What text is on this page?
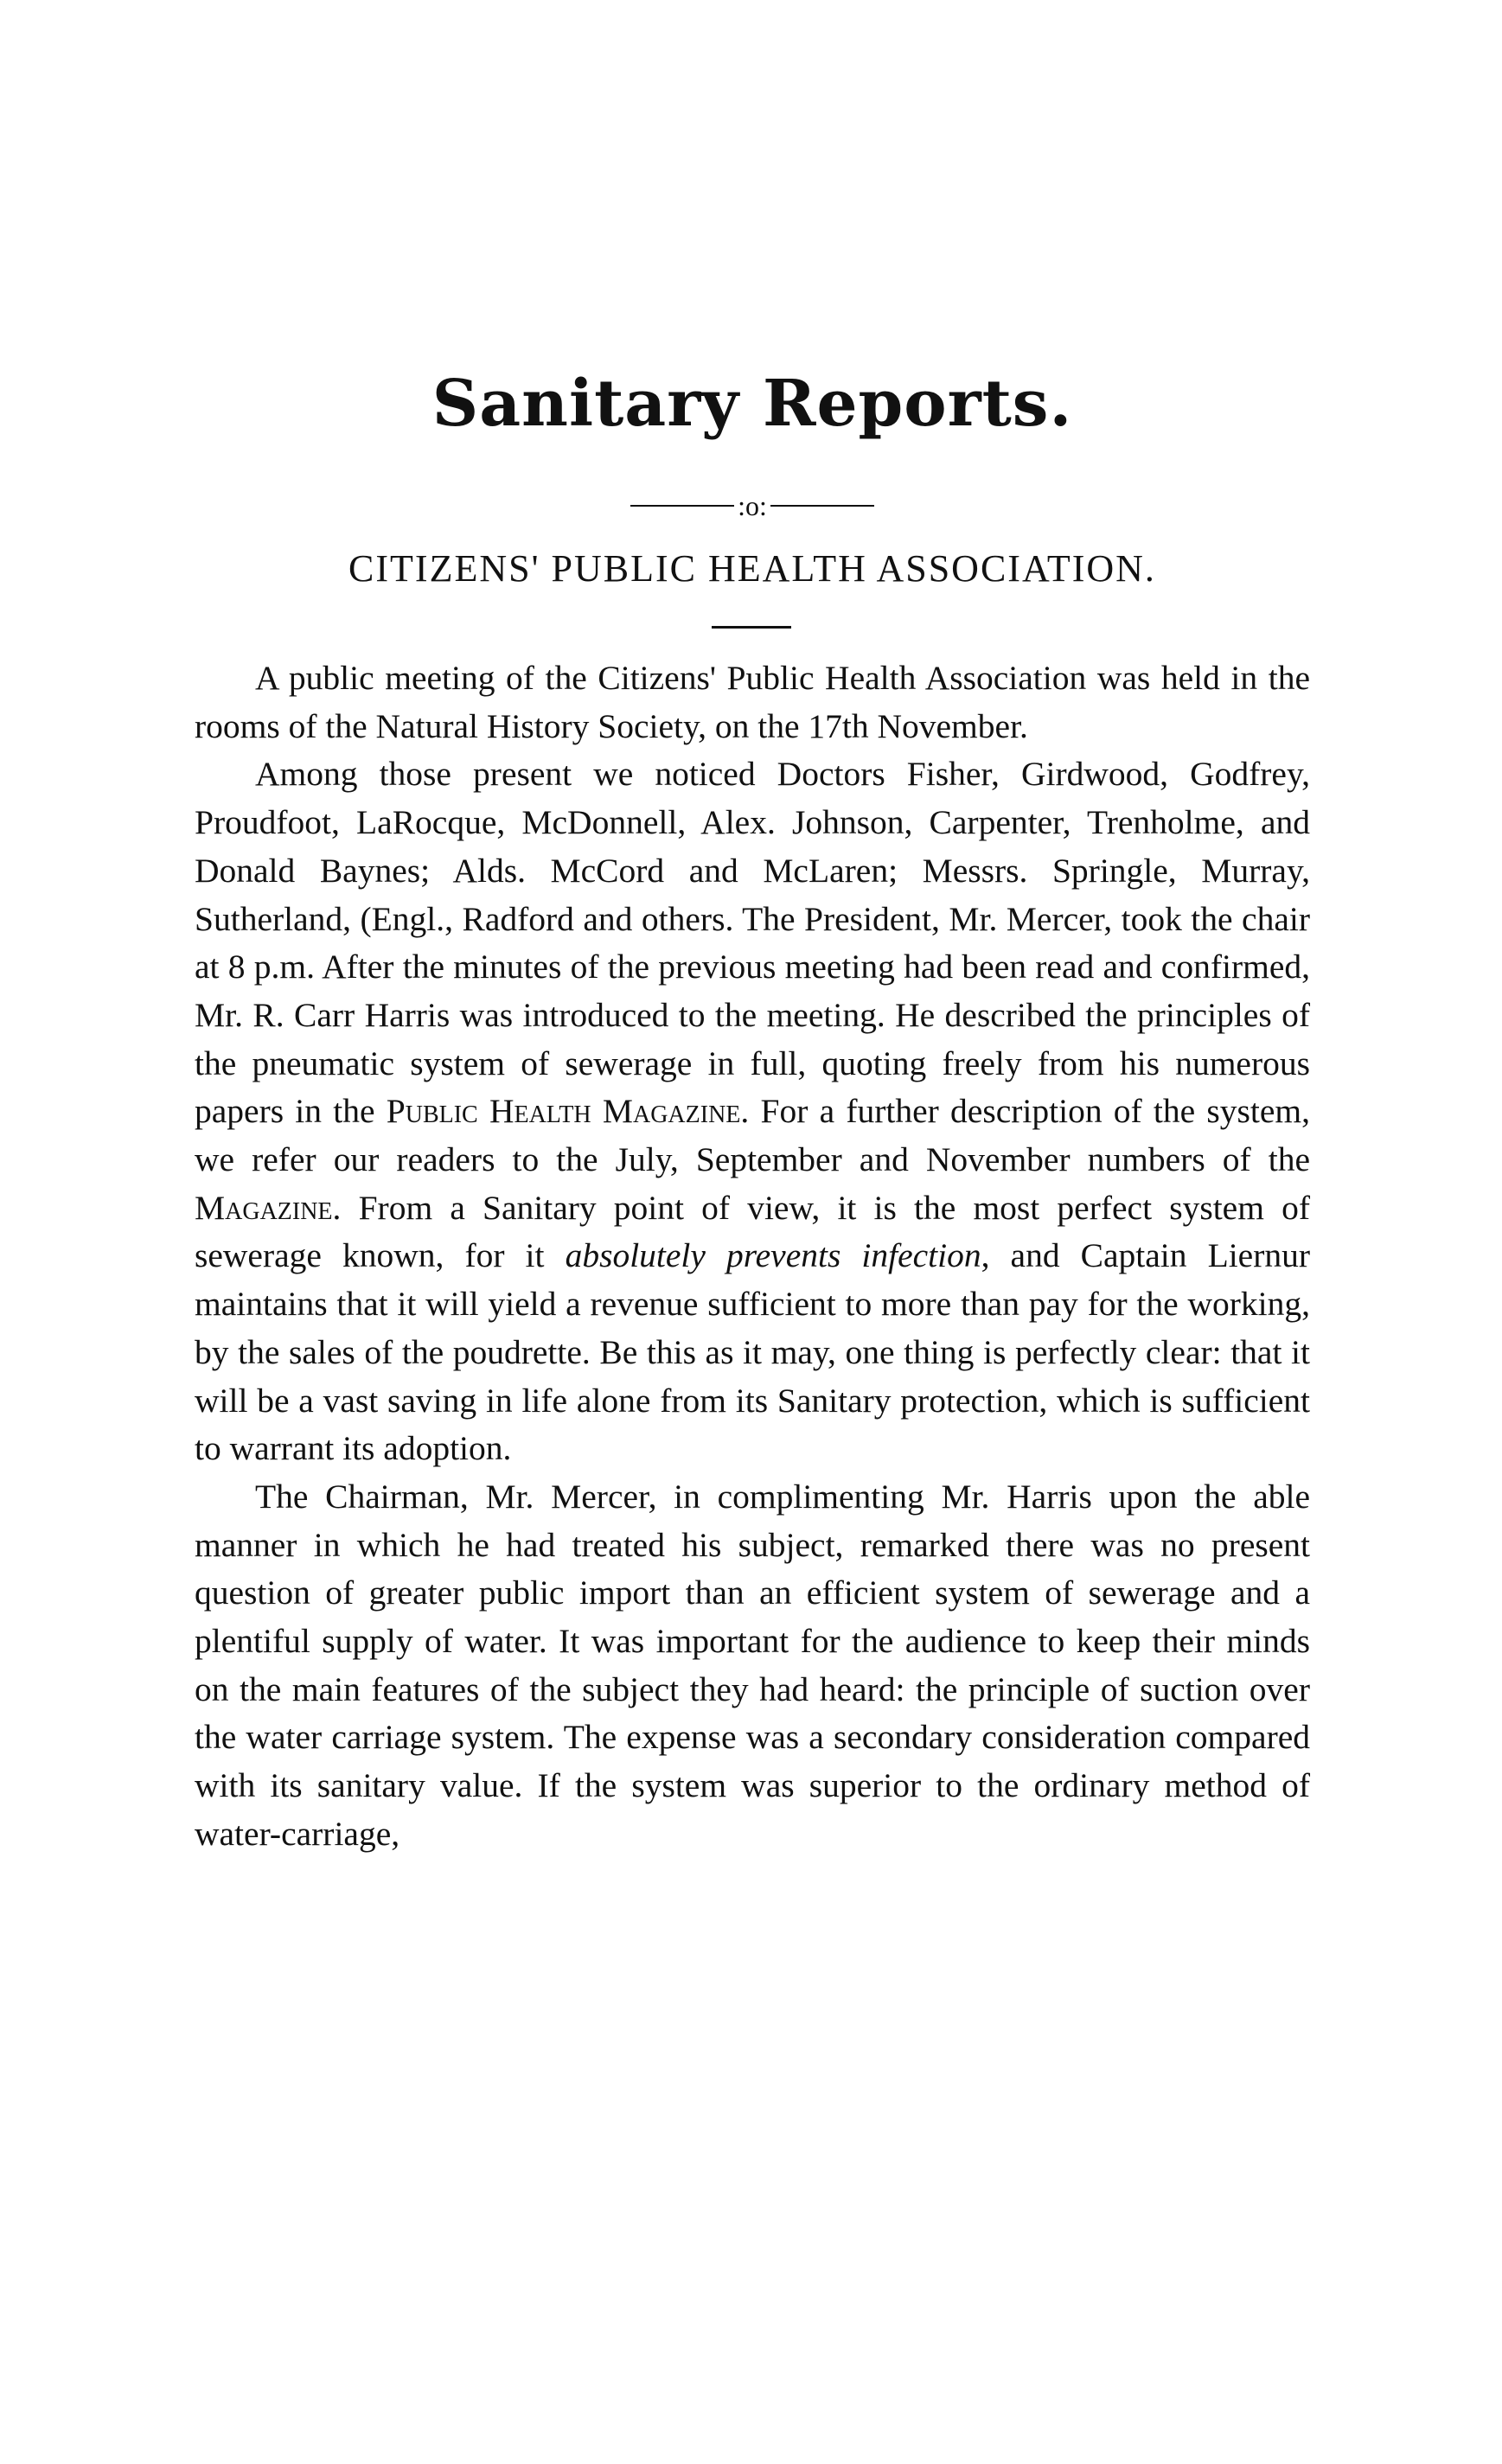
Sanitary Reports.
:o:
CITIZENS' PUBLIC HEALTH ASSOCIATION.

A public meeting of the Citizens' Public Health Association was held in the rooms of the Natural History Society, on the 17th November.

Among those present we noticed Doctors Fisher, Girdwood, Godfrey, Proudfoot, LaRocque, McDonnell, Alex. Johnson, Carpenter, Trenholme, and Donald Baynes; Alds. McCord and McLaren; Messrs. Springle, Murray, Sutherland, (Engl., Radford and others. The President, Mr. Mercer, took the chair at 8 p.m. After the minutes of the previous meeting had been read and confirmed, Mr. R. Carr Harris was introduced to the meeting. He described the principles of the pneumatic system of sewerage in full, quoting freely from his numerous papers in the Public Health Magazine. For a further description of the system, we refer our readers to the July, September and November numbers of the Magazine. From a Sanitary point of view, it is the most perfect system of sewerage known, for it absolutely prevents infection, and Captain Liernur maintains that it will yield a revenue sufficient to more than pay for the working, by the sales of the poudrette. Be this as it may, one thing is perfectly clear: that it will be a vast saving in life alone from its Sanitary protection, which is sufficient to warrant its adoption.

The Chairman, Mr. Mercer, in complimenting Mr. Harris upon the able manner in which he had treated his subject, remarked there was no present question of greater public import than an efficient system of sewerage and a plentiful supply of water. It was important for the audience to keep their minds on the main features of the subject they had heard: the principle of suction over the water carriage system. The expense was a secondary consideration compared with its sanitary value. If the system was superior to the ordinary method of water-carriage,
